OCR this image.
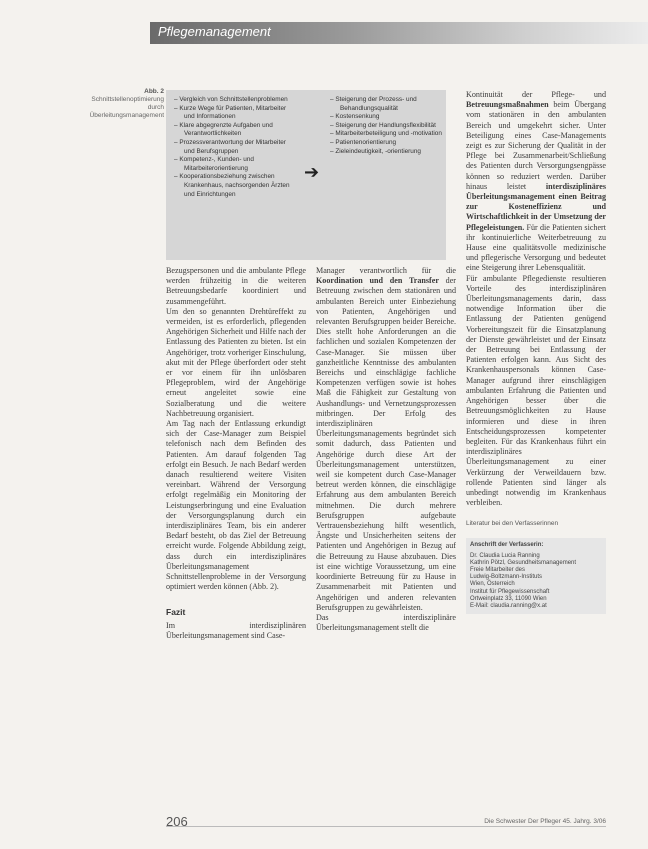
Pflegemanagement
Abb. 2
Schnittstellenoptimierung durch Überleitungsmanagement
– Vergleich von Schnittstellenproblemen
– Kurze Wege für Patienten, Mitarbeiter und Informationen
– Klare abgegrenzte Aufgaben und Verantwortlichkeiten
– Prozessverantwortung der Mitarbeiter und Berufsgruppen
– Kompetenz-, Kunden- und Mitarbeiterorientierung
– Kooperationsbeziehung zwischen Krankenhaus, nachsorgenden Ärzten und Einrichtungen
➔
– Steigerung der Prozess- und Behandlungsqualität
– Kostensenkung
– Steigerung der Handlungsflexibilität
– Mitarbeiterbeteiligung und -motivation
– Patientenorientierung
– Zieleindeutigkeit, -orientierung

Bezugspersonen und die ambulante Pflege werden frühzeitig in die weiteren Betreuungsbedarfe koordiniert und zusammengeführt.

Um den so genannten Drehtüreffekt zu vermeiden, ist es erforderlich, pflegenden Angehörigen Sicherheit und Hilfe nach der Entlassung des Patienten zu bieten. Ist ein Angehöriger, trotz vorheriger Einschulung, akut mit der Pflege überfordert oder steht er vor einem für ihn unlösbaren Pflegeproblem, wird der Angehörige erneut angeleitet sowie eine Sozialberatung und die weitere Nachbetreuung organisiert.

Am Tag nach der Entlassung erkundigt sich der Case-Manager zum Beispiel telefonisch nach dem Befinden des Patienten. Am darauf folgenden Tag erfolgt ein Besuch. Je nach Bedarf werden danach resultierend weitere Visiten vereinbart. Während der Versorgung erfolgt regelmäßig ein Monitoring der Leistungserbringung und eine Evaluation der Versorgungsplanung durch ein interdisziplinäres Team, bis ein anderer Bedarf besteht, ob das Ziel der Betreuung erreicht wurde. Folgende Abbildung zeigt, dass durch ein interdisziplinäres Überleitungsmanagement Schnittstellenprobleme in der Versorgung optimiert werden können (Abb. 2).

Fazit

Im interdisziplinären Überleitungsmanagement sind Case-

Manager verantwortlich für die Koordination und den Transfer der Betreuung zwischen dem stationären und ambulanten Bereich unter Einbeziehung von Patienten, Angehörigen und relevanten Berufsgruppen beider Bereiche. Dies stellt hohe Anforderungen an die fachlichen und sozialen Kompetenzen der Case-Manager. Sie müssen über ganzheitliche Kenntnisse des ambulanten Bereichs und einschlägige fachliche Kompetenzen verfügen sowie ist hohes Maß die Fähigkeit zur Gestaltung von Aushandlungs- und Vernetzungsprozessen mitbringen. Der Erfolg des interdisziplinären Überleitungsmanagements begründet sich somit dadurch, dass Patienten und Angehörige durch diese Art der Überleitungsmanagement unterstützen, weil sie kompetent durch Case-Manager betreut werden können, die einschlägige Erfahrung aus dem ambulanten Bereich mitnehmen. Die durch mehrere Berufsgruppen aufgebaute Vertrauensbeziehung hilft wesentlich, Ängste und Unsicherheiten seitens der Patienten und Angehörigen in Bezug auf die Betreuung zu Hause abzubauen. Dies ist eine wichtige Voraussetzung, um eine koordinierte Betreuung für zu Hause in Zusammenarbeit mit Patienten und Angehörigen und anderen relevanten Berufsgruppen zu gewährleisten.

Das interdisziplinäre Überleitungsmanagement stellt die

Kontinuität der Pflege- und Betreuungsmaßnahmen beim Übergang vom stationären in den ambulanten Bereich und umgekehrt sicher. Unter Beteiligung eines Case-Managements zeigt es zur Sicherung der Qualität in der Pflege bei Zusammenarbeit/Schließung des Patienten durch Versorgungsengpässe können so reduziert werden. Darüber hinaus leistet interdisziplinäres Überleitungsmanagement einen Beitrag zur Kosteneffizienz und Wirtschaftlichkeit in der Umsetzung der Pflegeleistungen. Für die Patienten sichert ihr kontinuierliche Weiterbetreuung zu Hause eine qualitätsvolle medizinische und pflegerische Versorgung und bedeutet eine Steigerung ihrer Lebensqualität.

Für ambulante Pflegedienste resultieren Vorteile des interdisziplinären Überleitungsmanagements darin, dass notwendige Information über die Entlassung der Patienten genügend Vorbereitungszeit für die Einsatzplanung der Dienste gewährleistet und der Einsatz der Betreuung bei Entlassung der Patienten erfolgen kann. Aus Sicht des Krankenhauspersonals können Case-Manager aufgrund ihrer einschlägigen ambulanten Erfahrung die Patienten und Angehörigen besser über die Betreuungsmöglichkeiten zu Hause informieren und diese in ihren Entscheidungsprozessen kompetenter begleiten. Für das Krankenhaus führt ein interdisziplinäres Überleitungsmanagement zu einer Verkürzung der Verweildauern bzw. rollende Patienten sind länger als unbedingt notwendig im Krankenhaus verbleiben.

Literatur bei den Verfasserinnen
Anschrift der Verfasserin:
Dr. Claudia Lucia Ranning
Kathrin Pötzl, Gesundheitsmanagement
Freie Mitarbeiter des
Ludwig-Boltzmann-Instituts
Wien, Österreich
Institut für Pflegewissenschaft
Ortweinplatz 33, 11090 Wien
E-Mail: claudia.ranning@x.at
206	Die Schwester Der Pfleger 45. Jahrg. 3/06
